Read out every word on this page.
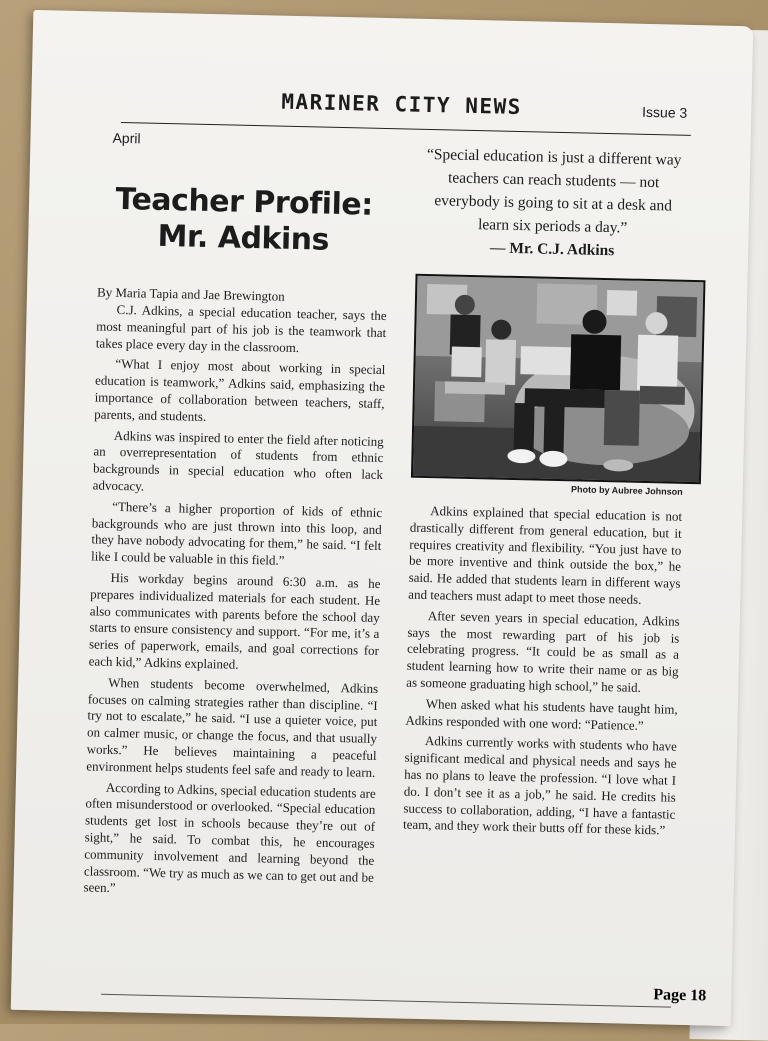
MARINER CITY NEWS	Issue 3
April
Teacher Profile:
Mr. Adkins
By Maria Tapia and Jae Brewington

C.J. Adkins, a special education teacher, says the most meaningful part of his job is the teamwork that takes place every day in the classroom.

“What I enjoy most about working in special education is teamwork,” Adkins said, emphasizing the importance of collaboration between teachers, staff, parents, and students.

Adkins was inspired to enter the field after noticing an overrepresentation of students from ethnic backgrounds in special education who often lack advocacy.

“There’s a higher proportion of kids of ethnic backgrounds who are just thrown into this loop, and they have nobody advocating for them,” he said. “I felt like I could be valuable in this field.”

His workday begins around 6:30 a.m. as he prepares individualized materials for each student. He also communicates with parents before the school day starts to ensure consistency and support. “For me, it’s a series of paperwork, emails, and goal corrections for each kid,” Adkins explained.

When students become overwhelmed, Adkins focuses on calming strategies rather than discipline. “I try not to escalate,” he said. “I use a quieter voice, put on calmer music, or change the focus, and that usually works.” He believes maintaining a peaceful environment helps students feel safe and ready to learn.

According to Adkins, special education students are often misunderstood or overlooked. “Special education students get lost in schools because they’re out of sight,” he said. To combat this, he encourages community involvement and learning beyond the classroom. “We try as much as we can to get out and be seen.”

“Special education is just a different way teachers can reach students — not everybody is going to sit at a desk and learn six periods a day.”
— Mr. C.J. Adkins
Photo by Aubree Johnson

Adkins explained that special education is not drastically different from general education, but it requires creativity and flexibility. “You just have to be more inventive and think outside the box,” he said. He added that students learn in different ways and teachers must adapt to meet those needs.

After seven years in special education, Adkins says the most rewarding part of his job is celebrating progress. “It could be as small as a student learning how to write their name or as big as someone graduating high school,” he said.

When asked what his students have taught him, Adkins responded with one word: “Patience.”

Adkins currently works with students who have significant medical and physical needs and says he has no plans to leave the profession. “I love what I do. I don’t see it as a job,” he said. He credits his success to collaboration, adding, “I have a fantastic team, and they work their butts off for these kids.”

Page 18
